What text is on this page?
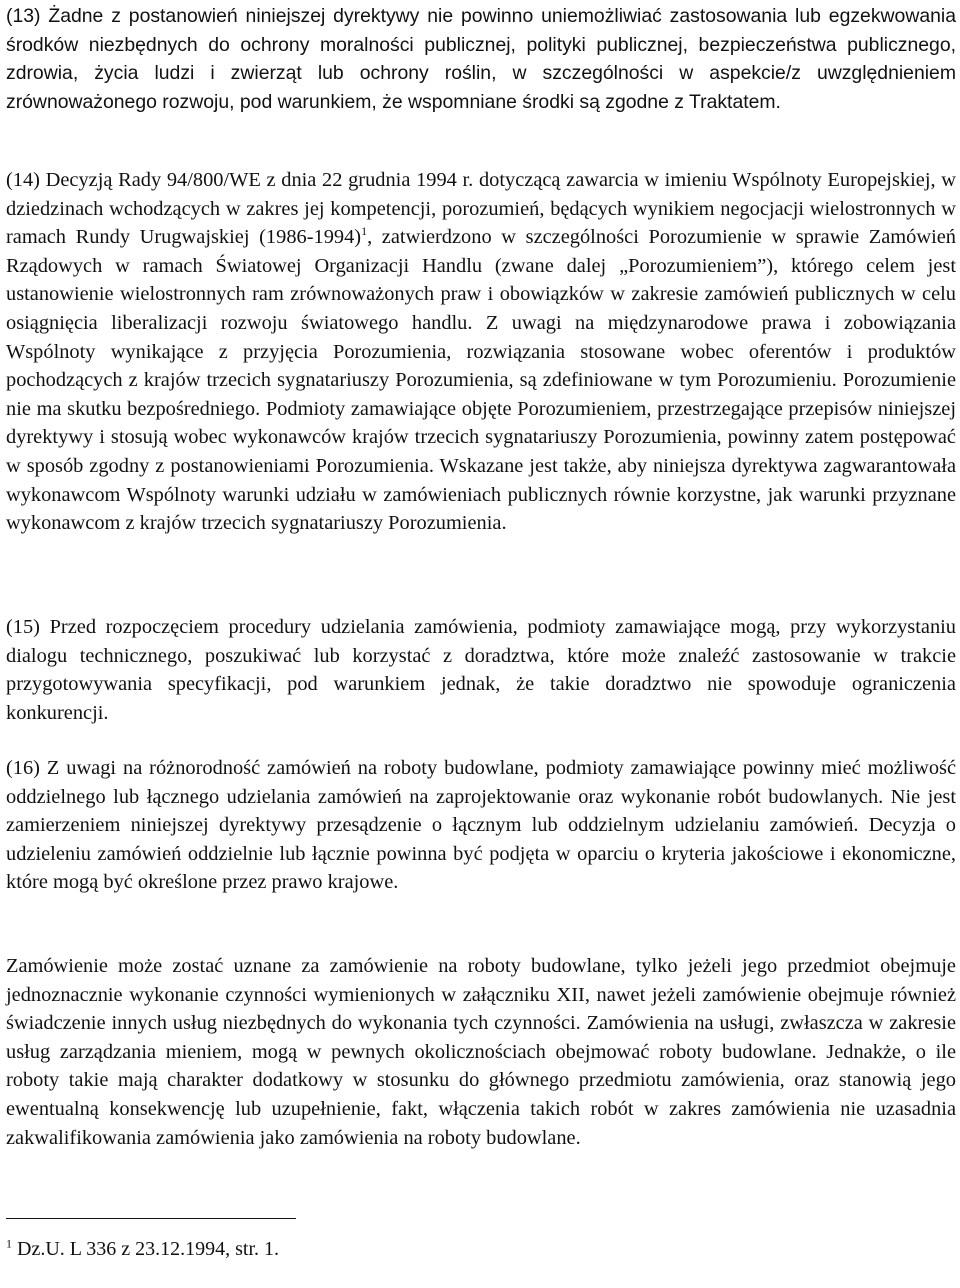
(13) Żadne z postanowień niniejszej dyrektywy nie powinno uniemożliwiać zastosowania lub egzekwowania środków niezbędnych do ochrony moralności publicznej, polityki publicznej, bezpieczeństwa publicznego, zdrowia, życia ludzi i zwierząt lub ochrony roślin, w szczególności w aspekcie/z uwzględnieniem zrównoważonego rozwoju, pod warunkiem, że wspomniane środki są zgodne z Traktatem.

(14) Decyzją Rady 94/800/WE z dnia 22 grudnia 1994 r. dotyczącą zawarcia w imieniu Wspólnoty Europejskiej, w dziedzinach wchodzących w zakres jej kompetencji, porozumień, będących wynikiem negocjacji wielostronnych w ramach Rundy Urugwajskiej (1986-1994)$^1$, zatwierdzono w szczególności Porozumienie w sprawie Zamówień Rządowych w ramach Światowej Organizacji Handlu (zwane dalej „Porozumieniem”), którego celem jest ustanowienie wielostronnych ram zrównoważonych praw i obowiązków w zakresie zamówień publicznych w celu osiągnięcia liberalizacji rozwoju światowego handlu. Z uwagi na międzynarodowe prawa i zobowiązania Wspólnoty wynikające z przyjęcia Porozumienia, rozwiązania stosowane wobec oferentów i produktów pochodzących z krajów trzecich sygnatariuszy Porozumienia, są zdefiniowane w tym Porozumieniu. Porozumienie nie ma skutku bezpośredniego. Podmioty zamawiające objęte Porozumieniem, przestrzegające przepisów niniejszej dyrektywy i stosują wobec wykonawców krajów trzecich sygnatariuszy Porozumienia, powinny zatem postępować w sposób zgodny z postanowieniami Porozumienia. Wskazane jest także, aby niniejsza dyrektywa zagwarantowała wykonawcom Wspólnoty warunki udziału w zamówieniach publicznych równie korzystne, jak warunki przyznane wykonawcom z krajów trzecich sygnatariuszy Porozumienia.

(15) Przed rozpoczęciem procedury udzielania zamówienia, podmioty zamawiające mogą, przy wykorzystaniu dialogu technicznego, poszukiwać lub korzystać z doradztwa, które może znaleźć zastosowanie w trakcie przygotowywania specyfikacji, pod warunkiem jednak, że takie doradztwo nie spowoduje ograniczenia konkurencji.

(16) Z uwagi na różnorodność zamówień na roboty budowlane, podmioty zamawiające powinny mieć możliwość oddzielnego lub łącznego udzielania zamówień na zaprojektowanie oraz wykonanie robót budowlanych. Nie jest zamierzeniem niniejszej dyrektywy przesądzenie o łącznym lub oddzielnym udzielaniu zamówień. Decyzja o udzieleniu zamówień oddzielnie lub łącznie powinna być podjęta w oparciu o kryteria jakościowe i ekonomiczne, które mogą być określone przez prawo krajowe.

Zamówienie może zostać uznane za zamówienie na roboty budowlane, tylko jeżeli jego przedmiot obejmuje jednoznacznie wykonanie czynności wymienionych w załączniku XII, nawet jeżeli zamówienie obejmuje również świadczenie innych usług niezbędnych do wykonania tych czynności. Zamówienia na usługi, zwłaszcza w zakresie usług zarządzania mieniem, mogą w pewnych okolicznościach obejmować roboty budowlane. Jednakże, o ile roboty takie mają charakter dodatkowy w stosunku do głównego przedmiotu zamówienia, oraz stanowią jego ewentualną konsekwencję lub uzupełnienie, fakt, włączenia takich robót w zakres zamówienia nie uzasadnia zakwalifikowania zamówienia jako zamówienia na roboty budowlane.

$^1$ Dz.U. L 336 z 23.12.1994, str. 1.
